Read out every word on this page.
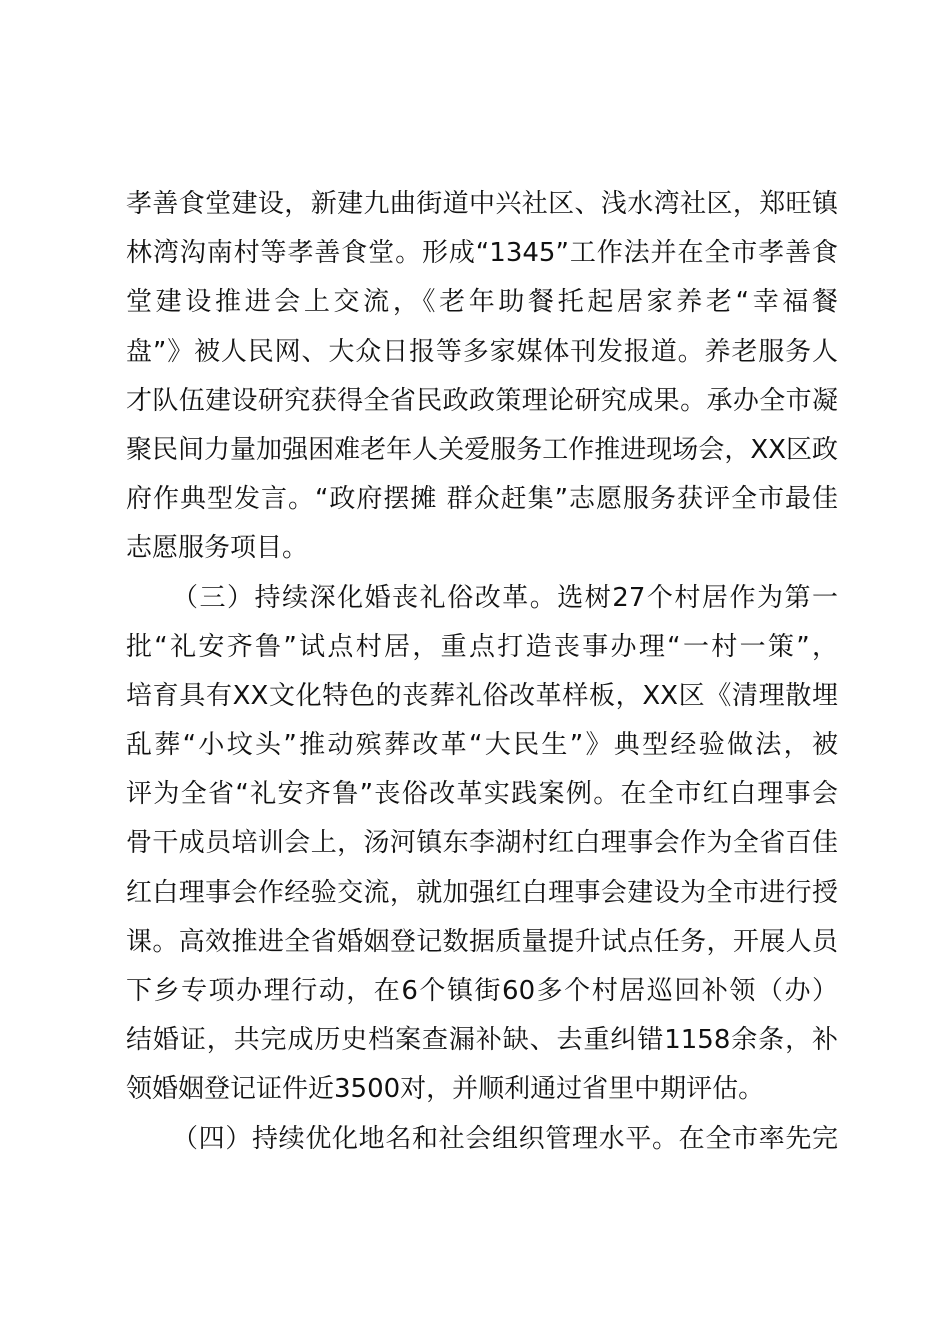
孝善食堂建设，新建九曲街道中兴社区、浅水湾社区，郑旺镇
林湾沟南村等孝善食堂。形成“1345”工作法并在全市孝善食
堂建设推进会上交流，《老年助餐托起居家养老“幸福餐
盘”》被人民网、大众日报等多家媒体刊发报道。养老服务人
才队伍建设研究获得全省民政政策理论研究成果。承办全市凝
聚民间力量加强困难老年人关爱服务工作推进现场会，XX区政
府作典型发言。“政府摆摊 群众赶集”志愿服务获评全市最佳
志愿服务项目。
（三）持续深化婚丧礼俗改革。选树27个村居作为第一
批“礼安齐鲁”试点村居，重点打造丧事办理“一村一策”，
培育具有XX文化特色的丧葬礼俗改革样板，XX区《清理散埋
乱葬“小坟头”推动殡葬改革“大民生”》典型经验做法，被
评为全省“礼安齐鲁”丧俗改革实践案例。在全市红白理事会
骨干成员培训会上，汤河镇东李湖村红白理事会作为全省百佳
红白理事会作经验交流，就加强红白理事会建设为全市进行授
课。高效推进全省婚姻登记数据质量提升试点任务，开展人员
下乡专项办理行动，在6个镇街60多个村居巡回补领（办）
结婚证，共完成历史档案查漏补缺、去重纠错1158余条，补
领婚姻登记证件近3500对，并顺利通过省里中期评估。
（四）持续优化地名和社会组织管理水平。在全市率先完
